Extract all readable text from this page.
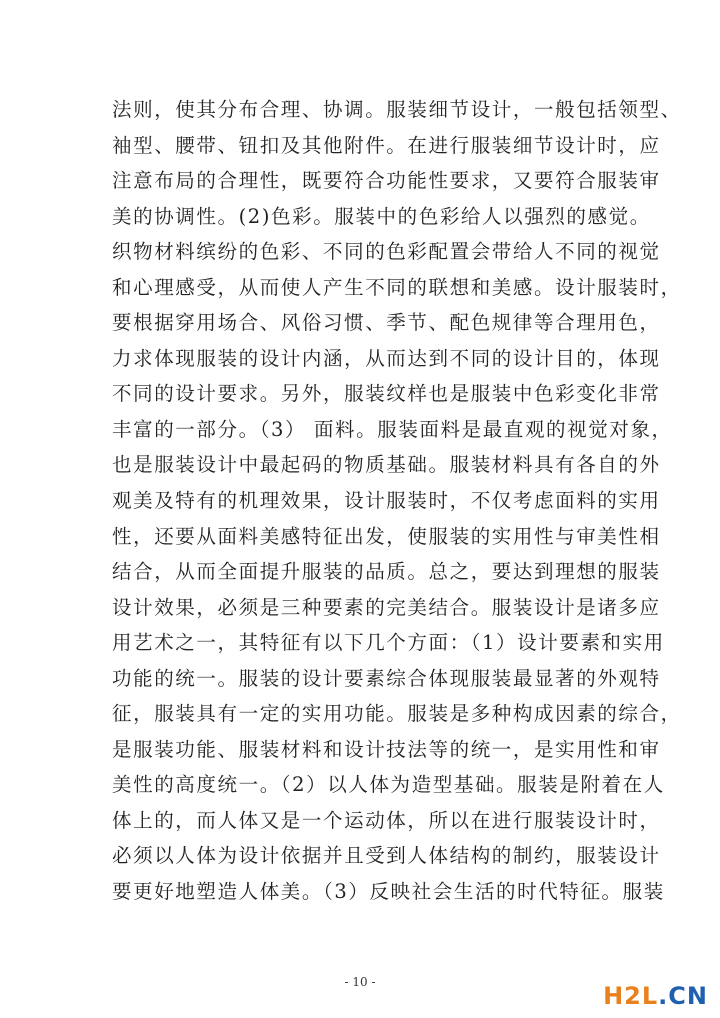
法则，使其分布合理、协调。服装细节设计，一般包括领型、
袖型、腰带、钮扣及其他附件。在进行服装细节设计时，应
注意布局的合理性，既要符合功能性要求，又要符合服装审
美的协调性。(2)色彩。服装中的色彩给人以强烈的感觉。
织物材料缤纷的色彩、不同的色彩配置会带给人不同的视觉
和心理感受，从而使人产生不同的联想和美感。设计服装时，
要根据穿用场合、风俗习惯、季节、配色规律等合理用色，
力求体现服装的设计内涵，从而达到不同的设计目的，体现
不同的设计要求。另外，服装纹样也是服装中色彩变化非常
丰富的一部分。（3） 面料。服装面料是最直观的视觉对象，
也是服装设计中最起码的物质基础。服装材料具有各自的外
观美及特有的机理效果，设计服装时，不仅考虑面料的实用
性，还要从面料美感特征出发，使服装的实用性与审美性相
结合，从而全面提升服装的品质。总之，要达到理想的服装
设计效果，必须是三种要素的完美结合。服装设计是诸多应
用艺术之一，其特征有以下几个方面：（1）设计要素和实用
功能的统一。服装的设计要素综合体现服装最显著的外观特
征，服装具有一定的实用功能。服装是多种构成因素的综合，
是服装功能、服装材料和设计技法等的统一，是实用性和审
美性的高度统一。（2）以人体为造型基础。服装是附着在人
体上的，而人体又是一个运动体，所以在进行服装设计时，
必须以人体为设计依据并且受到人体结构的制约，服装设计
要更好地塑造人体美。（3）反映社会生活的时代特征。服装
- 10 -	H2L.CN
